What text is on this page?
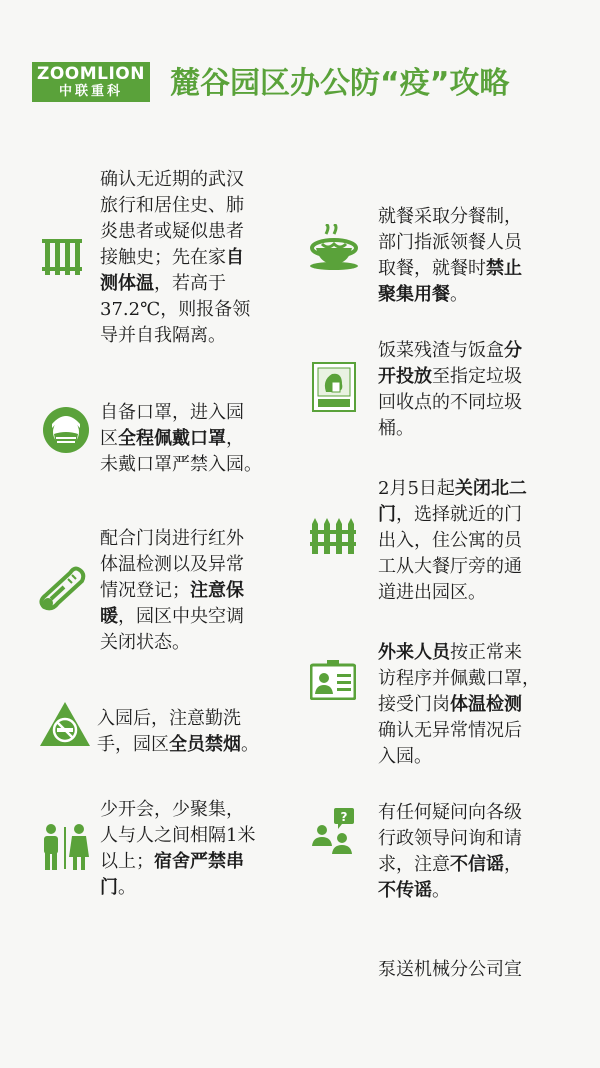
ZOOMLION
中联重科	麓谷园区办公防“疫”攻略
确认无近期的武汉
旅行和居住史、肺
炎患者或疑似患者
接触史；先在家自
测体温，若高于
37.2℃，则报备领
导并自我隔离。
自备口罩，进入园
区全程佩戴口罩，
未戴口罩严禁入园。
配合门岗进行红外
体温检测以及异常
情况登记；注意保
暖，园区中央空调
关闭状态。
入园后，注意勤洗
手，园区全员禁烟。
少开会，少聚集，
人与人之间相隔1米
以上；宿舍严禁串
门。
就餐采取分餐制，
部门指派领餐人员
取餐，就餐时禁止
聚集用餐。
饭菜残渣与饭盒分
开投放至指定垃圾
回收点的不同垃圾
桶。
2月5日起关闭北二
门，选择就近的门
出入，住公寓的员
工从大餐厅旁的通
道进出园区。
外来人员按正常来
访程序并佩戴口罩，
接受门岗体温检测
确认无异常情况后
入园。
? 有任何疑问向各级
行政领导问询和请
求，注意不信谣，
不传谣。
泵送机械分公司宣
